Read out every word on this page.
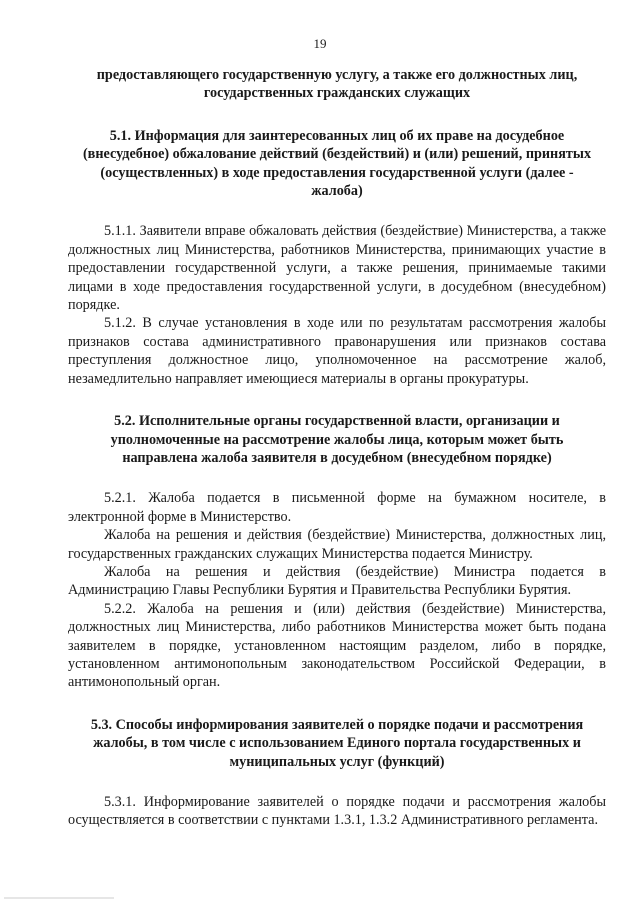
19
предоставляющего государственную услугу, а также его должностных лиц, государственных гражданских служащих
5.1. Информация для заинтересованных лиц об их праве на досудебное (внесудебное) обжалование действий (бездействий) и (или) решений, принятых (осуществленных) в ходе предоставления государственной услуги (далее - жалоба)

5.1.1. Заявители вправе обжаловать действия (бездействие) Министерства, а также должностных лиц Министерства, работников Министерства, принимающих участие в предоставлении государственной услуги, а также решения, принимаемые такими лицами в ходе предоставления государственной услуги, в досудебном (внесудебном) порядке.

5.1.2. В случае установления в ходе или по результатам рассмотрения жалобы признаков состава административного правонарушения или признаков состава преступления должностное лицо, уполномоченное на рассмотрение жалоб, незамедлительно направляет имеющиеся материалы в органы прокуратуры.

5.2. Исполнительные органы государственной власти, организации и уполномоченные на рассмотрение жалобы лица, которым может быть направлена жалоба заявителя в досудебном (внесудебном порядке)

5.2.1. Жалоба подается в письменной форме на бумажном носителе, в электронной форме в Министерство.

Жалоба на решения и действия (бездействие) Министерства, должностных лиц, государственных гражданских служащих Министерства подается Министру.

Жалоба на решения и действия (бездействие) Министра подается в Администрацию Главы Республики Бурятия и Правительства Республики Бурятия.

5.2.2. Жалоба на решения и (или) действия (бездействие) Министерства, должностных лиц Министерства, либо работников Министерства может быть подана заявителем в порядке, установленном настоящим разделом, либо в порядке, установленном антимонопольным законодательством Российской Федерации, в антимонопольный орган.

5.3. Способы информирования заявителей о порядке подачи и рассмотрения жалобы, в том числе с использованием Единого портала государственных и муниципальных услуг (функций)

5.3.1. Информирование заявителей о порядке подачи и рассмотрения жалобы осуществляется в соответствии с пунктами 1.3.1, 1.3.2 Административного регламента.
